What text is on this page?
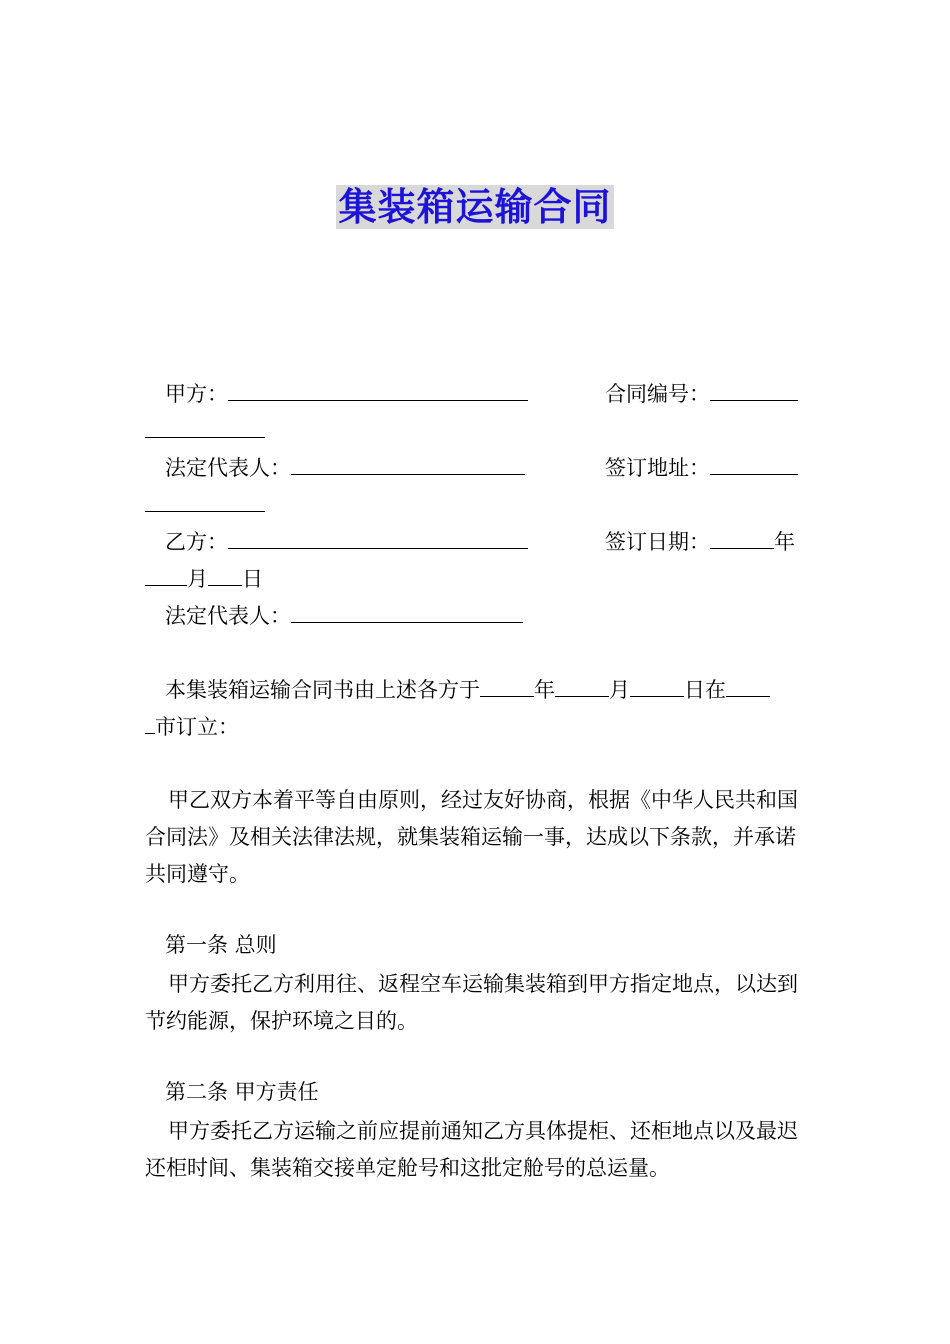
集装箱运输合同
甲方：	合同编号：
法定代表人：	签订地址：
乙方：	签订日期：	年
月 日
法定代表人：
本集装箱运输合同书由上述各方于	年	月	日在
市订立：
甲乙双方本着平等自由原则，经过友好协商，根据《中华人民共和国合同法》及相关法律法规，就集装箱运输一事，达成以下条款，并承诺共同遵守。
第一条 总则
甲方委托乙方利用往、返程空车运输集装箱到甲方指定地点，以达到节约能源，保护环境之目的。
第二条 甲方责任
甲方委托乙方运输之前应提前通知乙方具体提柜、还柜地点以及最迟还柜时间、集装箱交接单定舱号和这批定舱号的总运量。
